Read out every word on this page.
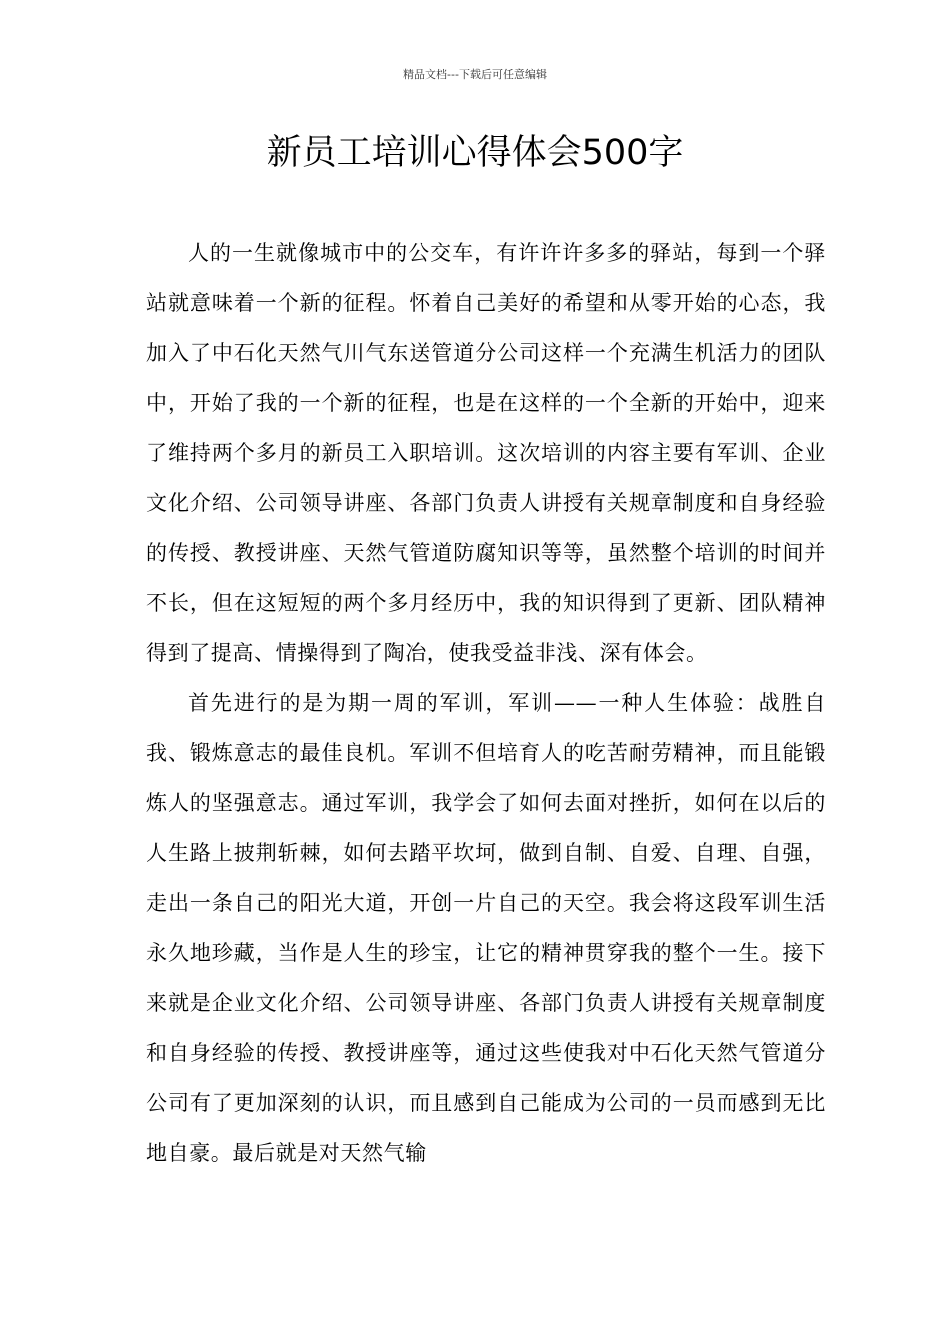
精品文档---下载后可任意编辑
新员工培训心得体会500字

人的一生就像城市中的公交车，有许许许多多的驿站，每到一个驿站就意味着一个新的征程。怀着自己美好的希望和从零开始的心态，我加入了中石化天然气川气东送管道分公司这样一个充满生机活力的团队中，开始了我的一个新的征程，也是在这样的一个全新的开始中，迎来了维持两个多月的新员工入职培训。这次培训的内容主要有军训、企业文化介绍、公司领导讲座、各部门负责人讲授有关规章制度和自身经验的传授、教授讲座、天然气管道防腐知识等等，虽然整个培训的时间并不长，但在这短短的两个多月经历中，我的知识得到了更新、团队精神得到了提高、情操得到了陶冶，使我受益非浅、深有体会。

首先进行的是为期一周的军训，军训——一种人生体验：战胜自我、锻炼意志的最佳良机。军训不但培育人的吃苦耐劳精神，而且能锻炼人的坚强意志。通过军训，我学会了如何去面对挫折，如何在以后的人生路上披荆斩棘，如何去踏平坎坷，做到自制、自爱、自理、自强，走出一条自己的阳光大道，开创一片自己的天空。我会将这段军训生活永久地珍藏，当作是人生的珍宝，让它的精神贯穿我的整个一生。接下来就是企业文化介绍、公司领导讲座、各部门负责人讲授有关规章制度和自身经验的传授、教授讲座等，通过这些使我对中石化天然气管道分公司有了更加深刻的认识，而且感到自己能成为公司的一员而感到无比地自豪。最后就是对天然气输
